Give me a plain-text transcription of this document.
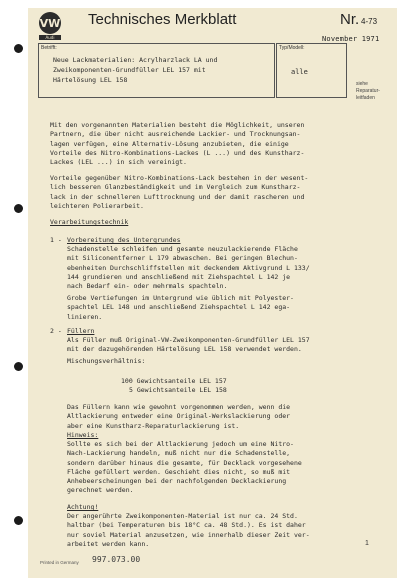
VW
Audi
Technisches Merkblatt	Nr. 4-73
November 1971
Betrifft:
Neue Lackmaterialien: Acrylharzlack LA und
Zweikomponenten-Grundfüller LEL 157 mit
Härtelösung LEL 158
Typ/Modell:
alle
siehe
Reparatur-
leitfaden
Mit den vorgenannten Materialien besteht die Möglichkeit, unseren
Partnern, die über nicht ausreichende Lackier- und Trocknungsan-
lagen verfügen, eine Alternativ-Lösung anzubieten, die einige
Vorteile des Nitro-Kombinations-Lackes (L ...) und des Kunstharz-
Lackes (LEL ...) in sich vereinigt.
Vorteile gegenüber Nitro-Kombinations-Lack bestehen in der wesent-
lich besseren Glanzbeständigkeit und im Vergleich zum Kunstharz-
lack in der schnelleren Lufttrocknung und der damit rascheren und
leichteren Polierarbeit.
Verarbeitungstechnik
1 - Vorbereitung des Untergrundes
Schadenstelle schleifen und gesamte neuzulackierende Fläche
mit Siliconentferner L 179 abwaschen. Bei geringen Blechun-
ebenheiten Durchschliffstellen mit deckendem Aktivgrund L 133/
144 grundieren und anschließend mit Ziehspachtel L 142 je
nach Bedarf ein- oder mehrmals spachteln.
Grobe Vertiefungen im Untergrund wie üblich mit Polyester-
spachtel LEL 148 und anschließend Ziehspachtel L 142 ega-
linieren.
2 - Füllern
Als Füller muß Original-VW-Zweikomponenten-Grundfüller LEL 157
mit der dazugehörenden Härtelösung LEL 158 verwendet werden.
Mischungsverhältnis:
100 Gewichtsanteile LEL 157
5 Gewichtsanteile LEL 158
Das Füllern kann wie gewohnt vorgenommen werden, wenn die
Altlackierung entweder eine Original-Werkslackierung oder
aber eine Kunstharz-Reparaturlackierung ist.
Hinweis:
Sollte es sich bei der Altlackierung jedoch um eine Nitro-
Nach-Lackierung handeln, muß nicht nur die Schadenstelle,
sondern darüber hinaus die gesamte, für Decklack vorgesehene
Fläche gefüllert werden. Geschieht dies nicht, so muß mit
Anhebeerscheinungen bei der nachfolgenden Decklackierung
gerechnet werden.
Achtung!
Der angerührte Zweikomponenten-Material ist nur ca. 24 Std.
haltbar (bei Temperaturen bis 18°C ca. 48 Std.). Es ist daher
nur soviel Material anzusetzen, wie innerhalb dieser Zeit ver-
arbeitet werden kann.
Printed in Germany 997.073.00
1
